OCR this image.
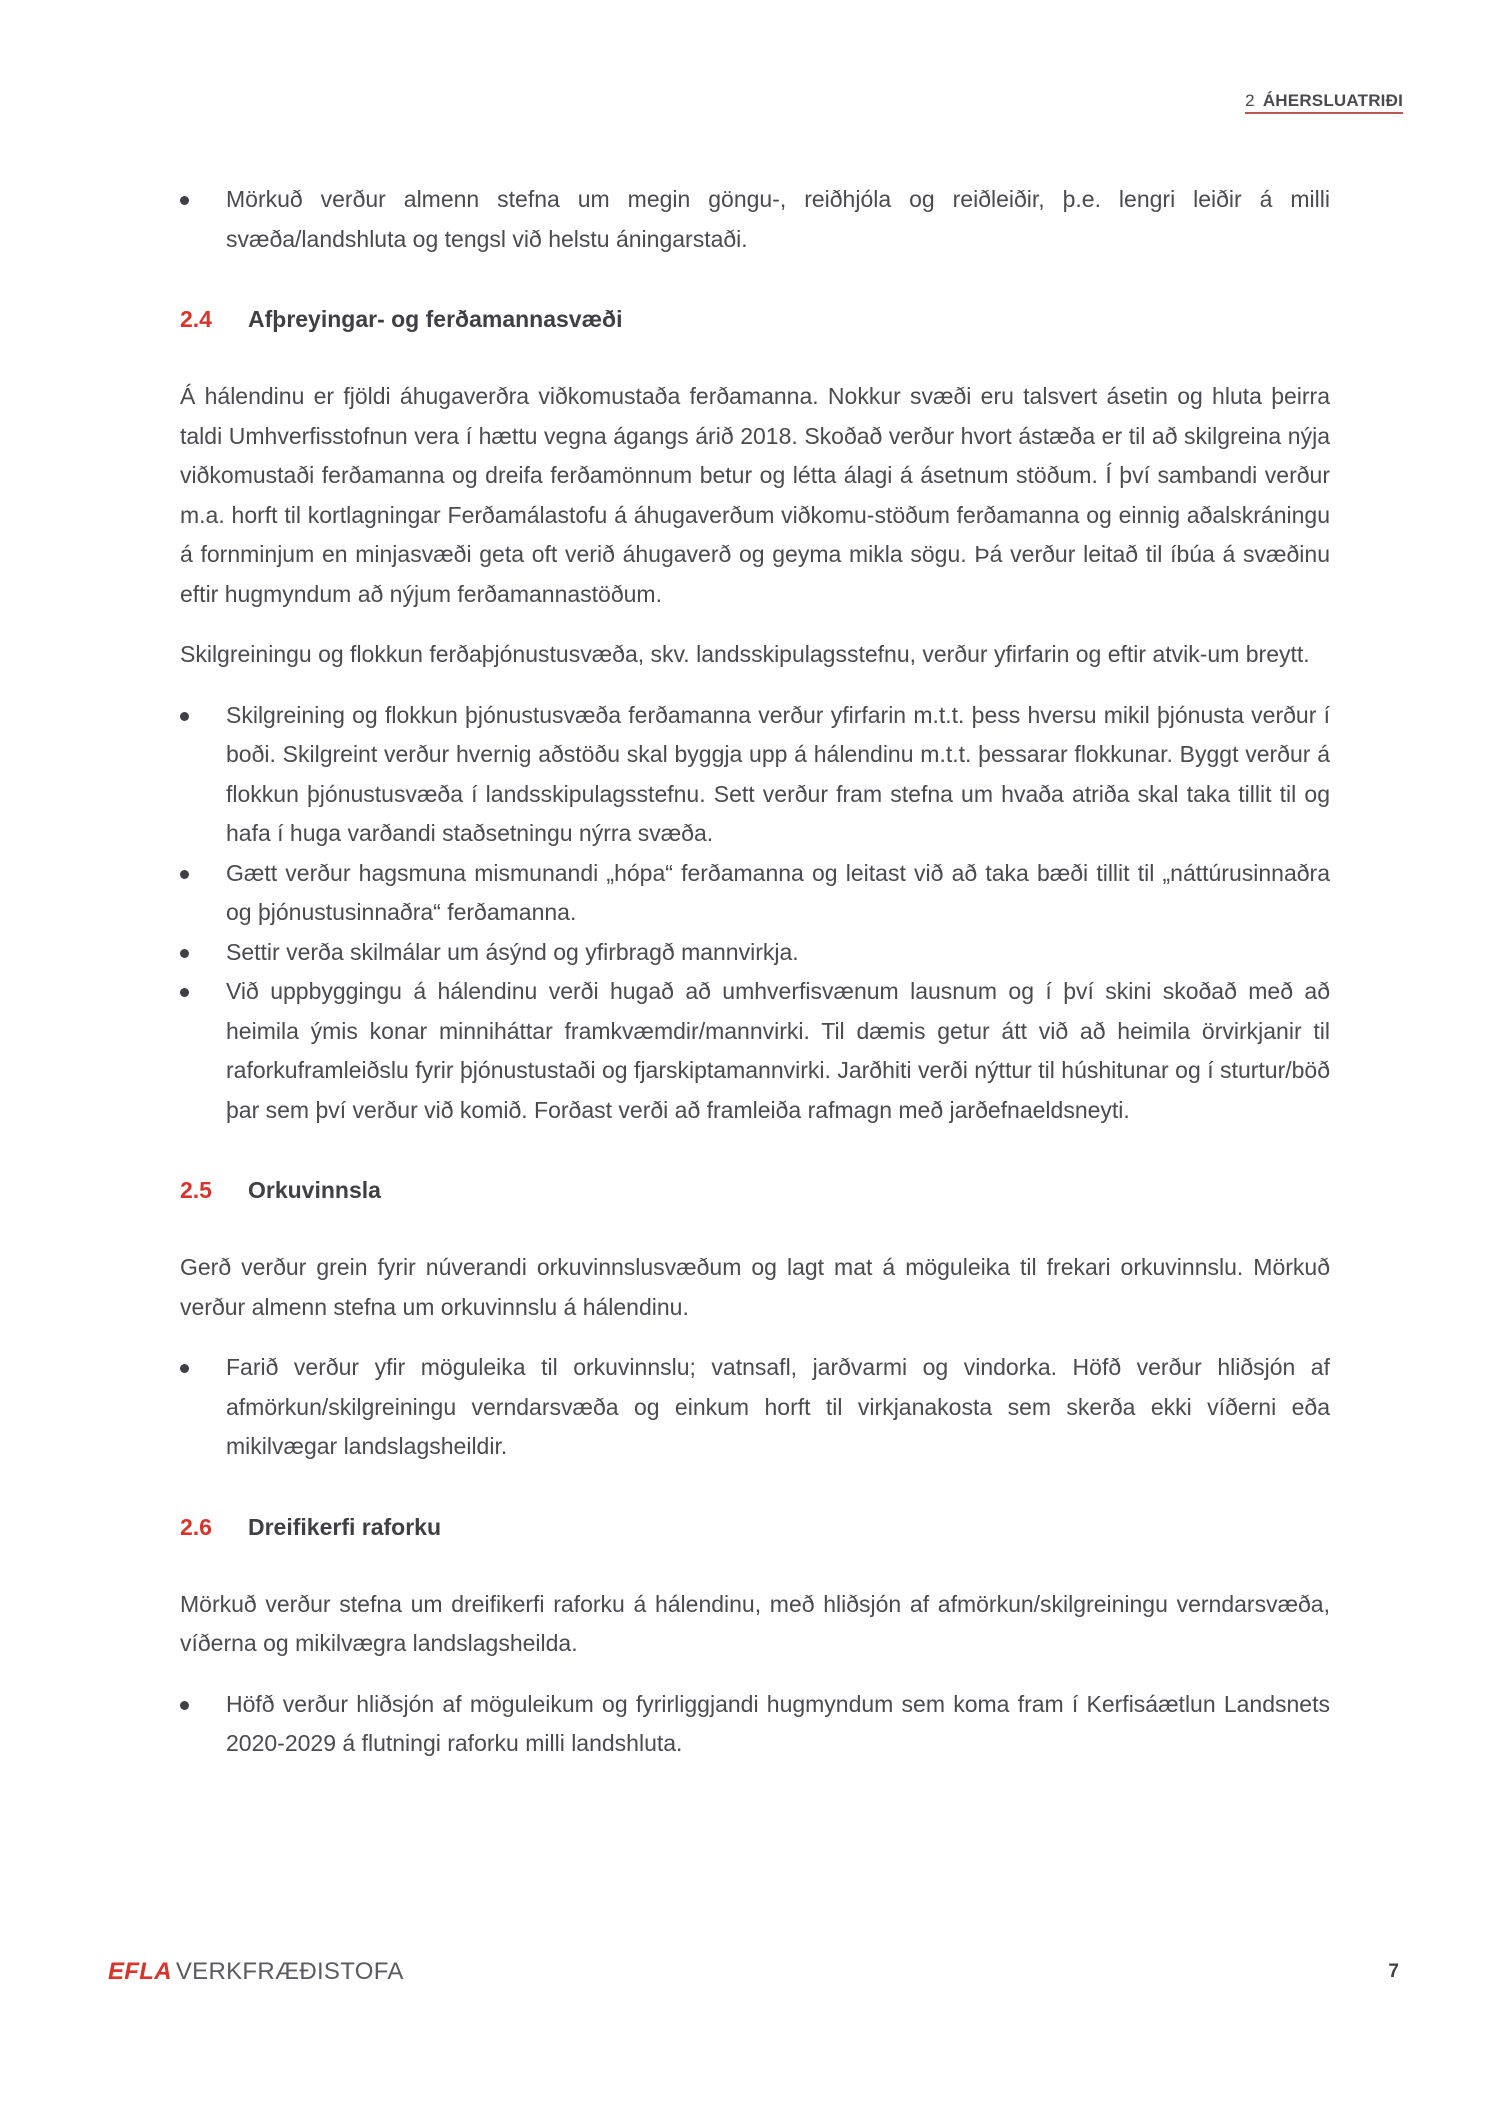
2 ÁHERSLUATRIÐI
Mörkuð verður almenn stefna um megin göngu-, reiðhjóla og reiðleiðir, þ.e. lengri leiðir á milli svæða/landshluta og tengsl við helstu áningarstaði.
2.4 Afþreyingar- og ferðamannasvæði

Á hálendinu er fjöldi áhugaverðra viðkomustaða ferðamanna. Nokkur svæði eru talsvert ásetin og hluta þeirra taldi Umhverfisstofnun vera í hættu vegna ágangs árið 2018. Skoðað verður hvort ástæða er til að skilgreina nýja viðkomustaði ferðamanna og dreifa ferðamönnum betur og létta álagi á ásetnum stöðum. Í því sambandi verður m.a. horft til kortlagningar Ferðamálastofu á áhugaverðum viðkomu-stöðum ferðamanna og einnig aðalskráningu á fornminjum en minjasvæði geta oft verið áhugaverð og geyma mikla sögu. Þá verður leitað til íbúa á svæðinu eftir hugmyndum að nýjum ferðamannastöðum.

Skilgreiningu og flokkun ferðaþjónustusvæða, skv. landsskipulagsstefnu, verður yfirfarin og eftir atvik-um breytt.

Skilgreining og flokkun þjónustusvæða ferðamanna verður yfirfarin m.t.t. þess hversu mikil þjónusta verður í boði. Skilgreint verður hvernig aðstöðu skal byggja upp á hálendinu m.t.t. þessarar flokkunar. Byggt verður á flokkun þjónustusvæða í landsskipulagsstefnu. Sett verður fram stefna um hvaða atriða skal taka tillit til og hafa í huga varðandi staðsetningu nýrra svæða.
Gætt verður hagsmuna mismunandi „hópa“ ferðamanna og leitast við að taka bæði tillit til „náttúrusinnaðra og þjónustusinnaðra“ ferðamanna.
Settir verða skilmálar um ásýnd og yfirbragð mannvirkja.
Við uppbyggingu á hálendinu verði hugað að umhverfisvænum lausnum og í því skini skoðað með að heimila ýmis konar minniháttar framkvæmdir/mannvirki. Til dæmis getur átt við að heimila örvirkjanir til raforkuframleiðslu fyrir þjónustustaði og fjarskiptamannvirki. Jarðhiti verði nýttur til húshitunar og í sturtur/böð þar sem því verður við komið. Forðast verði að framleiða rafmagn með jarðefnaeldsneyti.
2.5 Orkuvinnsla

Gerð verður grein fyrir núverandi orkuvinnslusvæðum og lagt mat á möguleika til frekari orkuvinnslu. Mörkuð verður almenn stefna um orkuvinnslu á hálendinu.

Farið verður yfir möguleika til orkuvinnslu; vatnsafl, jarðvarmi og vindorka. Höfð verður hliðsjón af afmörkun/skilgreiningu verndarsvæða og einkum horft til virkjanakosta sem skerða ekki víðerni eða mikilvægar landslagsheildir.
2.6 Dreifikerfi raforku

Mörkuð verður stefna um dreifikerfi raforku á hálendinu, með hliðsjón af afmörkun/skilgreiningu verndarsvæða, víðerna og mikilvægra landslagsheilda.

Höfð verður hliðsjón af möguleikum og fyrirliggjandi hugmyndum sem koma fram í Kerfisáætlun Landsnets 2020-2029 á flutningi raforku milli landshluta.
EFLA VERKFRÆÐISTOFA	7
